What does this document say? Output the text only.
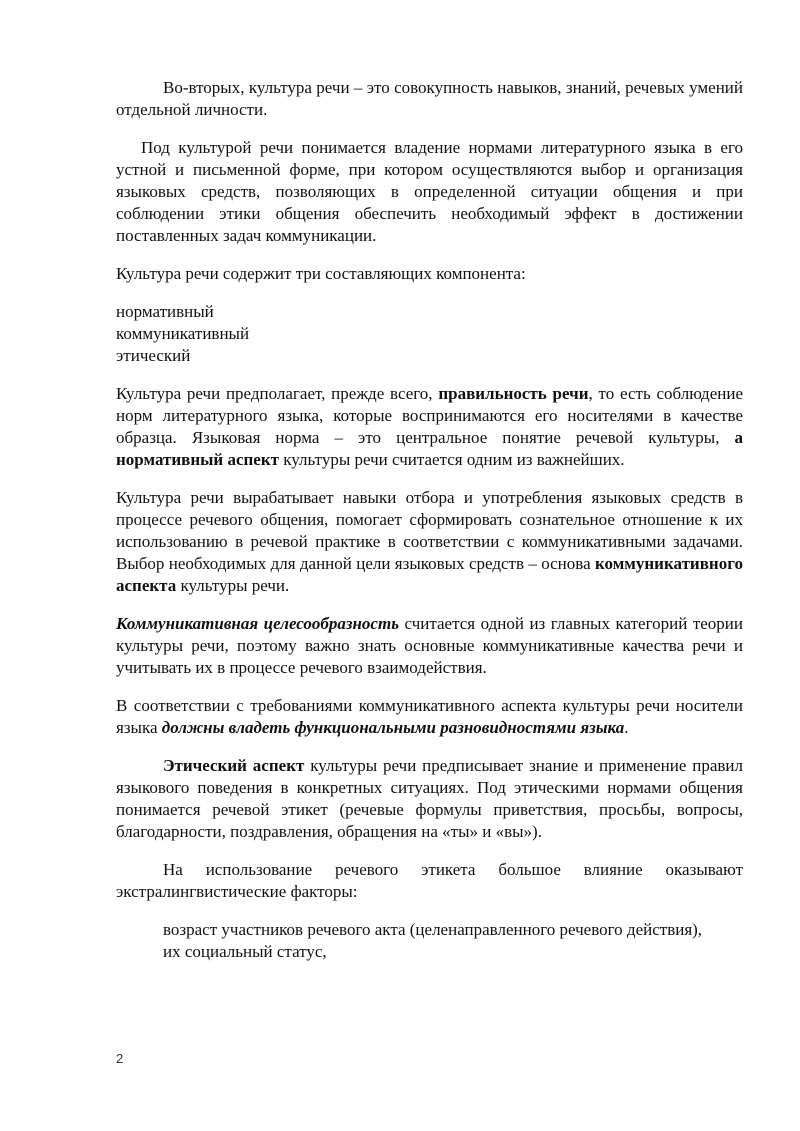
Во-вторых, культура речи – это совокупность навыков, знаний, речевых умений отдельной личности.

Под культурой речи понимается владение нормами литературного языка в его устной и письменной форме, при котором осуществляются выбор и организация языковых средств, позволяющих в определенной ситуации общения и при соблюдении этики общения обеспечить необходимый эффект в достижении поставленных задач коммуникации.

Культура речи содержит три составляющих компонента:

нормативный

коммуникативный

этический

Культура речи предполагает, прежде всего, правильность речи, то есть соблюдение норм литературного языка, которые воспринимаются его носителями в качестве образца. Языковая норма – это центральное понятие речевой культуры, а нормативный аспект культуры речи считается одним из важнейших.

Культура речи вырабатывает навыки отбора и употребления языковых средств в процессе речевого общения, помогает сформировать сознательное отношение к их использованию в речевой практике в соответствии с коммуникативными задачами. Выбор необходимых для данной цели языковых средств – основа коммуникативного аспекта культуры речи.

Коммуникативная целесообразность считается одной из главных категорий теории культуры речи, поэтому важно знать основные коммуникативные качества речи и учитывать их в процессе речевого взаимодействия.

В соответствии с требованиями коммуникативного аспекта культуры речи носители языка должны владеть функциональными разновидностями языка.

Этический аспект культуры речи предписывает знание и применение правил языкового поведения в конкретных ситуациях. Под этическими нормами общения понимается речевой этикет (речевые формулы приветствия, просьбы, вопросы, благодарности, поздравления, обращения на «ты» и «вы»).

На использование речевого этикета большое влияние оказывают экстралингвистические факторы:

возраст участников речевого акта (целенаправленного речевого действия),

их социальный статус,

2
